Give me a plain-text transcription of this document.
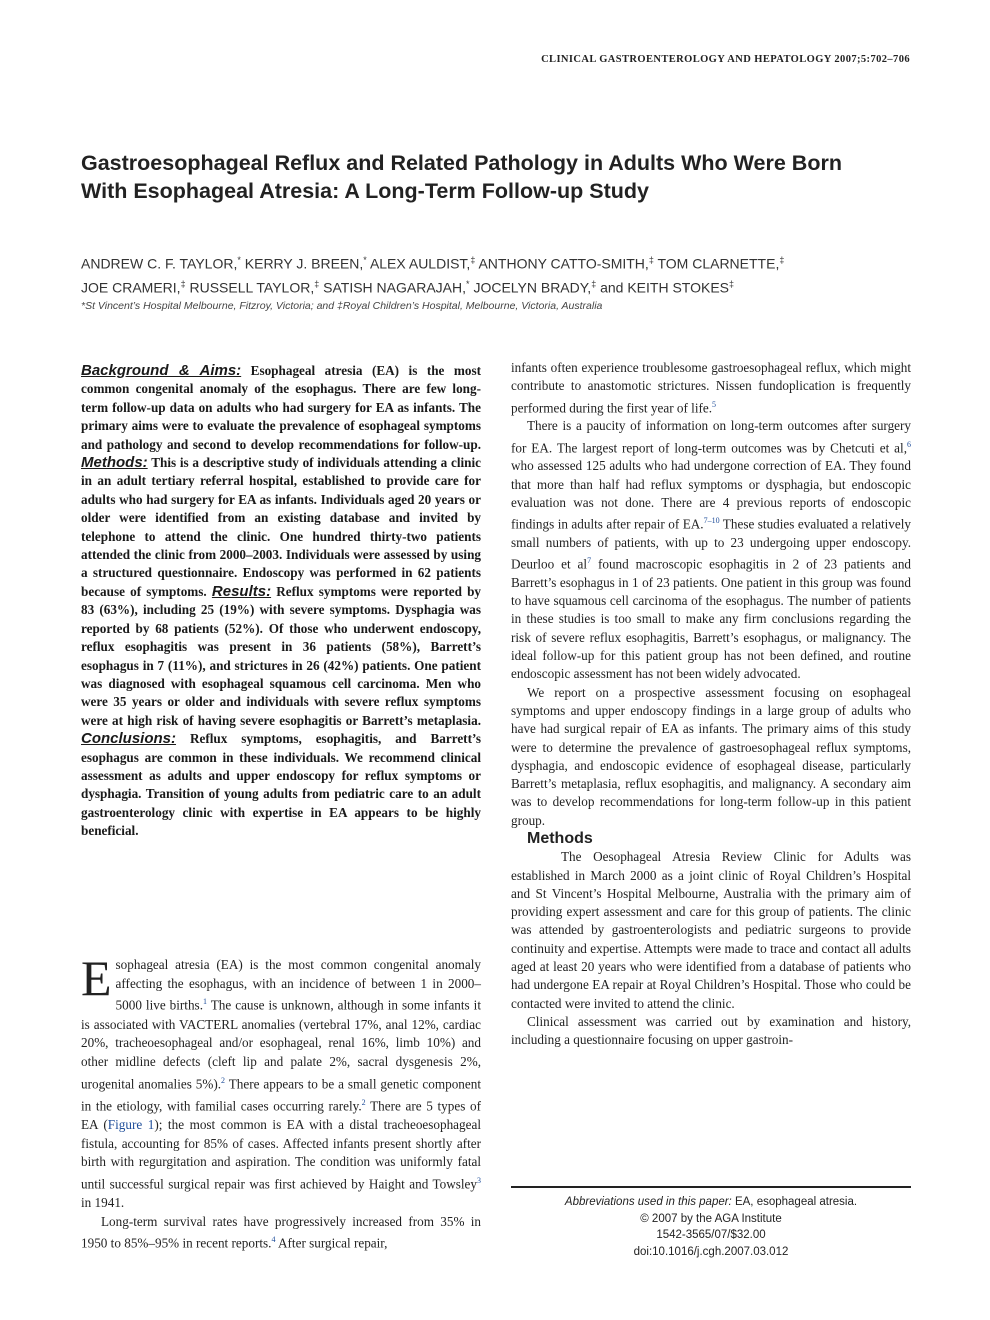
CLINICAL GASTROENTEROLOGY AND HEPATOLOGY 2007;5:702–706
Gastroesophageal Reflux and Related Pathology in Adults Who Were Born With Esophageal Atresia: A Long-Term Follow-up Study
ANDREW C. F. TAYLOR,* KERRY J. BREEN,* ALEX AULDIST,‡ ANTHONY CATTO-SMITH,‡ TOM CLARNETTE,‡
JOE CRAMERI,‡ RUSSELL TAYLOR,‡ SATISH NAGARAJAH,* JOCELYN BRADY,‡ and KEITH STOKES‡
*St Vincent’s Hospital Melbourne, Fitzroy, Victoria; and ‡Royal Children’s Hospital, Melbourne, Victoria, Australia
Background & Aims: Esophageal atresia (EA) is the most common congenital anomaly of the esophagus. There are few long-term follow-up data on adults who had surgery for EA as infants. The primary aims were to evaluate the prevalence of esophageal symptoms and pathology and second to develop recommendations for follow-up. Methods: This is a descriptive study of individuals attending a clinic in an adult tertiary referral hospital, established to provide care for adults who had surgery for EA as infants. Individuals aged 20 years or older were identified from an existing database and invited by telephone to attend the clinic. One hundred thirty-two patients attended the clinic from 2000–2003. Individuals were assessed by using a structured questionnaire. Endoscopy was performed in 62 patients because of symptoms. Results: Reflux symptoms were reported by 83 (63%), including 25 (19%) with severe symptoms. Dysphagia was reported by 68 patients (52%). Of those who underwent endoscopy, reflux esophagitis was present in 36 patients (58%), Barrett’s esophagus in 7 (11%), and strictures in 26 (42%) patients. One patient was diagnosed with esophageal squamous cell carcinoma. Men who were 35 years or older and individuals with severe reflux symptoms were at high risk of having severe esophagitis or Barrett’s metaplasia. Conclusions: Reflux symptoms, esophagitis, and Barrett’s esophagus are common in these individuals. We recommend clinical assessment as adults and upper endoscopy for reflux symptoms or dysphagia. Transition of young adults from pediatric care to an adult gastroenterology clinic with expertise in EA appears to be highly beneficial.

Esophageal atresia (EA) is the most common congenital anomaly affecting the esophagus, with an incidence of between 1 in 2000–5000 live births.$^1$ The cause is unknown, although in some infants it is associated with VACTERL anomalies (vertebral 17%, anal 12%, cardiac 20%, tracheoesophageal and/or esophageal, renal 16%, limb 10%) and other midline defects (cleft lip and palate 2%, sacral dysgenesis 2%, urogenital anomalies 5%).$^2$ There appears to be a small genetic component in the etiology, with familial cases occurring rarely.$^2$ There are 5 types of EA (Figure 1); the most common is EA with a distal tracheoesophageal fistula, accounting for 85% of cases. Affected infants present shortly after birth with regurgitation and aspiration. The condition was uniformly fatal until successful surgical repair was first achieved by Haight and Towsley$^3$ in 1941.

Long-term survival rates have progressively increased from 35% in 1950 to 85%–95% in recent reports.$^4$ After surgical repair,

infants often experience troublesome gastroesophageal reflux, which might contribute to anastomotic strictures. Nissen fundoplication is frequently performed during the first year of life.$^5$

There is a paucity of information on long-term outcomes after surgery for EA. The largest report of long-term outcomes was by Chetcuti et al,$^6$ who assessed 125 adults who had undergone correction of EA. They found that more than half had reflux symptoms or dysphagia, but endoscopic evaluation was not done. There are 4 previous reports of endoscopic findings in adults after repair of EA.$^{7-10}$ These studies evaluated a relatively small numbers of patients, with up to 23 undergoing upper endoscopy. Deurloo et al$^7$ found macroscopic esophagitis in 2 of 23 patients and Barrett’s esophagus in 1 of 23 patients. One patient in this group was found to have squamous cell carcinoma of the esophagus. The number of patients in these studies is too small to make any firm conclusions regarding the risk of severe reflux esophagitis, Barrett’s esophagus, or malignancy. The ideal follow-up for this patient group has not been defined, and routine endoscopic assessment has not been widely advocated.

We report on a prospective assessment focusing on esophageal symptoms and upper endoscopy findings in a large group of adults who have had surgical repair of EA as infants. The primary aims of this study were to determine the prevalence of gastroesophageal reflux symptoms, dysphagia, and endoscopic evidence of esophageal disease, particularly Barrett’s metaplasia, reflux esophagitis, and malignancy. A secondary aim was to develop recommendations for long-term follow-up in this patient group.

Methods

The Oesophageal Atresia Review Clinic for Adults was established in March 2000 as a joint clinic of Royal Children’s Hospital and St Vincent’s Hospital Melbourne, Australia with the primary aim of providing expert assessment and care for this group of patients. The clinic was attended by gastroenterologists and pediatric surgeons to provide continuity and expertise. Attempts were made to trace and contact all adults aged at least 20 years who were identified from a database of patients who had undergone EA repair at Royal Children’s Hospital. Those who could be contacted were invited to attend the clinic.

Clinical assessment was carried out by examination and history, including a questionnaire focusing on upper gastroin-

Abbreviations used in this paper: EA, esophageal atresia.
© 2007 by the AGA Institute
1542-3565/07/$32.00
doi:10.1016/j.cgh.2007.03.012
